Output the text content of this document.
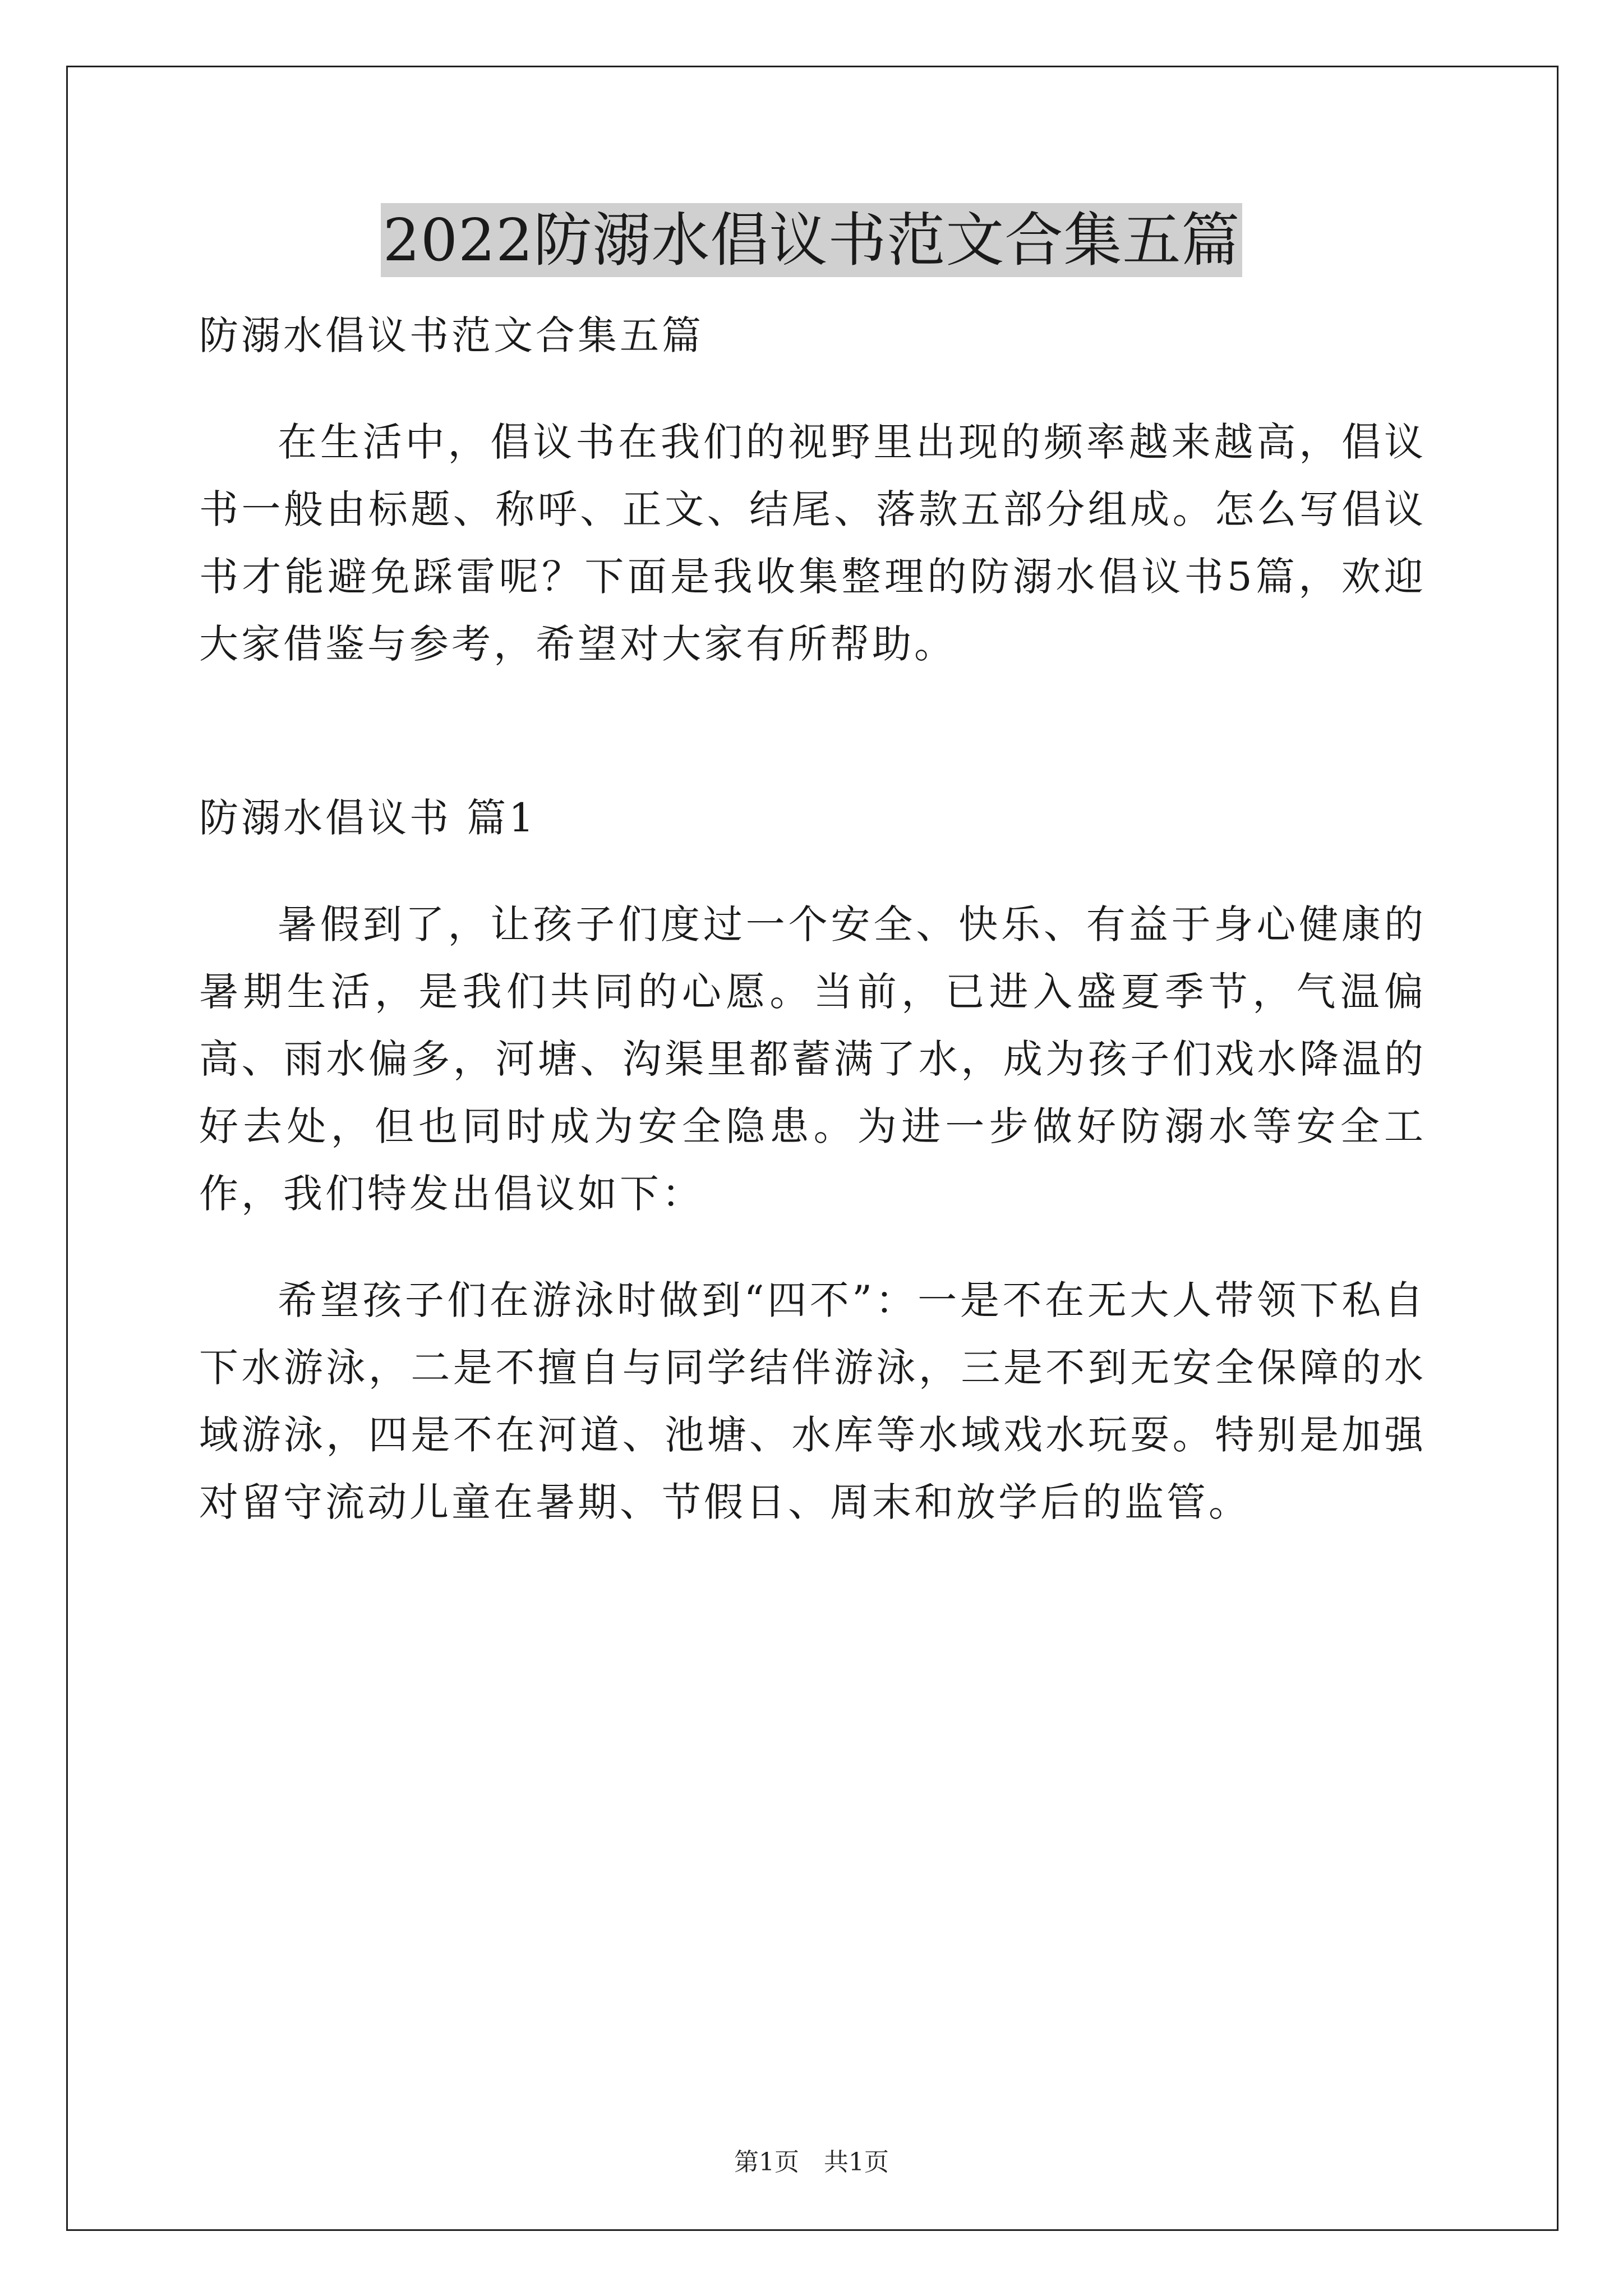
2022防溺水倡议书范文合集五篇

防溺水倡议书范文合集五篇

在生活中，倡议书在我们的视野里出现的频率越来越高，倡议书一般由标题、称呼、正文、结尾、落款五部分组成。怎么写倡议书才能避免踩雷呢？下面是我收集整理的防溺水倡议书5篇，欢迎大家借鉴与参考，希望对大家有所帮助。

防溺水倡议书 篇1

暑假到了，让孩子们度过一个安全、快乐、有益于身心健康的暑期生活，是我们共同的心愿。当前，已进入盛夏季节，气温偏高、雨水偏多，河塘、沟渠里都蓄满了水，成为孩子们戏水降温的好去处，但也同时成为安全隐患。为进一步做好防溺水等安全工作，我们特发出倡议如下：

希望孩子们在游泳时做到“四不”：一是不在无大人带领下私自下水游泳，二是不擅自与同学结伴游泳，三是不到无安全保障的水域游泳，四是不在河道、池塘、水库等水域戏水玩耍。特别是加强对留守流动儿童在暑期、节假日、周末和放学后的监管。

第1页　共1页
